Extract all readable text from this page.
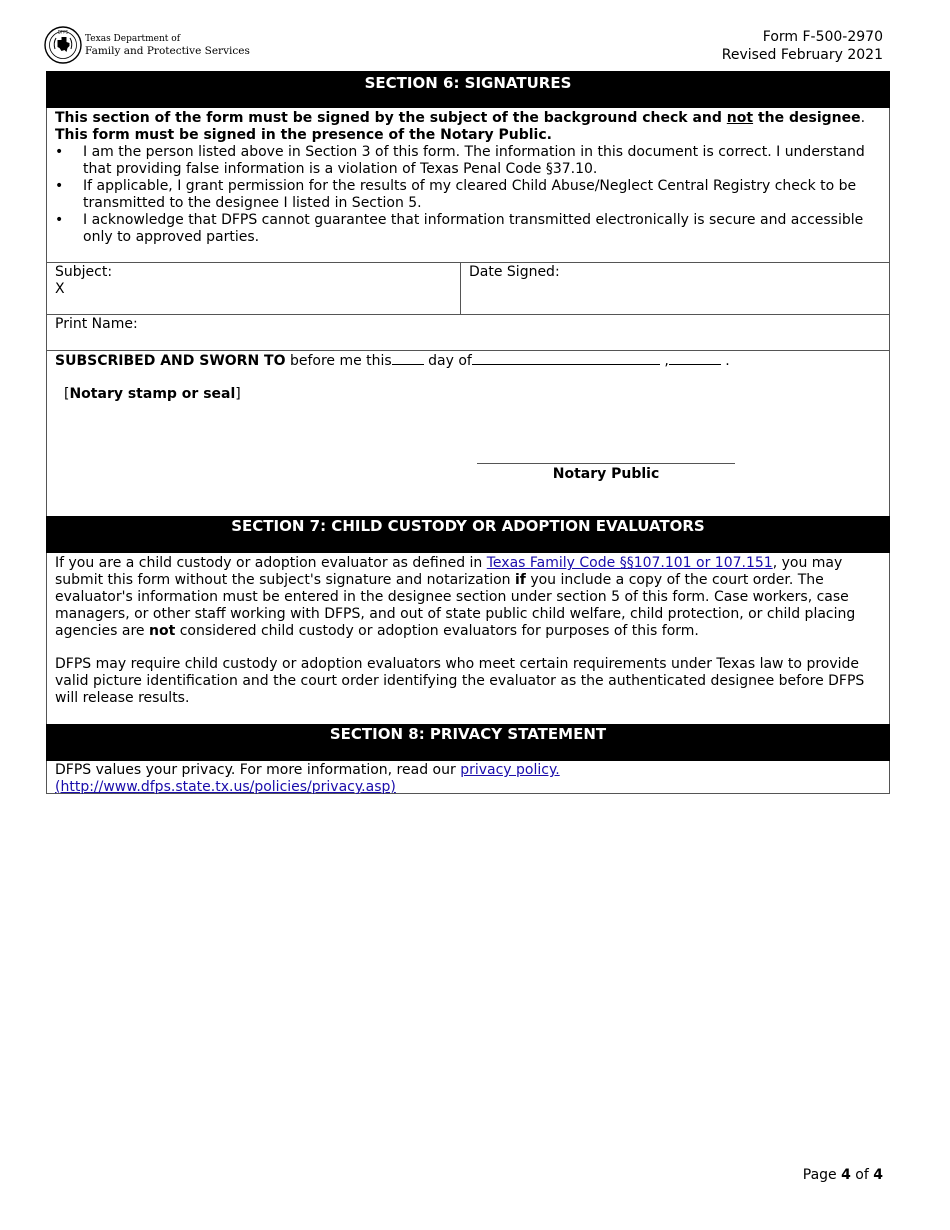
DFPS
Texas Department of
Family and Protective Services
Form F-500-2970
Revised February 2021
SECTION 6: SIGNATURES
This section of the form must be signed by the subject of the background check and not the designee.
This form must be signed in the presence of the Notary Public.
• I am the person listed above in Section 3 of this form. The information in this document is correct. I understand that providing false information is a violation of Texas Penal Code §37.10.
• If applicable, I grant permission for the results of my cleared Child Abuse/Neglect Central Registry check to be transmitted to the designee I listed in Section 5.
• I acknowledge that DFPS cannot guarantee that information transmitted electronically is secure and accessible only to approved parties.
Subject:
X
Date Signed:
Print Name:
SUBSCRIBED AND SWORN TO before me this day of	,	.
[Notary stamp or seal]
Notary Public
SECTION 7: CHILD CUSTODY OR ADOPTION EVALUATORS
If you are a child custody or adoption evaluator as defined in Texas Family Code §§107.101 or 107.151, you may submit this form without the subject's signature and notarization if you include a copy of the court order. The evaluator's information must be entered in the designee section under section 5 of this form. Case workers, case managers, or other staff working with DFPS, and out of state public child welfare, child protection, or child placing agencies are not considered child custody or adoption evaluators for purposes of this form.
DFPS may require child custody or adoption evaluators who meet certain requirements under Texas law to provide valid picture identification and the court order identifying the evaluator as the authenticated designee before DFPS will release results.
SECTION 8: PRIVACY STATEMENT
DFPS values your privacy. For more information, read our privacy policy.
(http://www.dfps.state.tx.us/policies/privacy.asp)
Page 4 of 4
